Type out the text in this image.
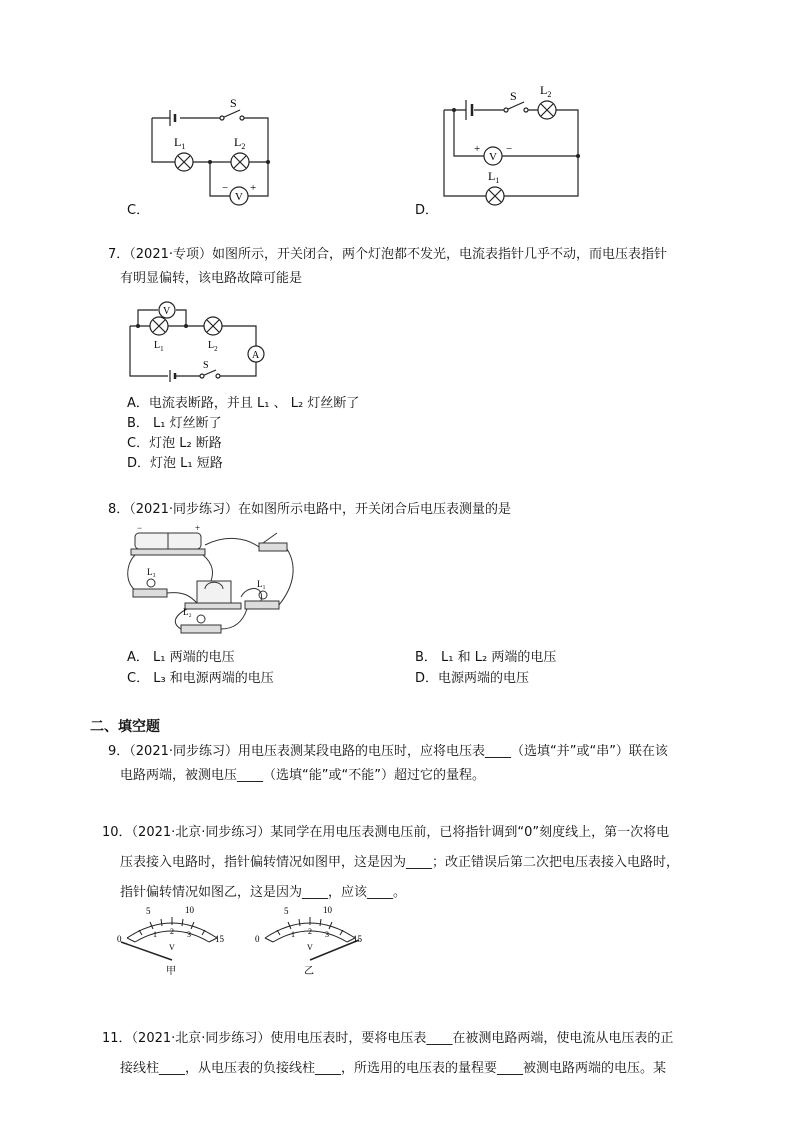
S
$L_1$	$L_2$
V
− +
C．
S $L_2$
$L_1$
V
+ −
D．
7．（2021·专项）如图所示，开关闭合，两个灯泡都不发光，电流表指针几乎不动，而电压表指针
有明显偏转，该电路故障可能是
V
A
S
$L_1$	$L_2$
A．电流表断路，并且 L₁ 、 L₂ 灯丝断了
B． L₁ 灯丝断了
C．灯泡 L₂ 断路
D．灯泡 L₁ 短路
8．（2021·同步练习）在如图所示电路中，开关闭合后电压表测量的是
L₃
L₂
L₁
−	+
A． L₁ 两端的电压	B． L₁ 和 L₂ 两端的电压
C． L₃ 和电源两端的电压	D．电源两端的电压
二、填空题
9．（2021·同步练习）用电压表测某段电路的电压时，应将电压表____（选填“并”或“串”）联在该
电路两端，被测电压____（选填“能”或“不能”）超过它的量程。
10．（2021·北京·同步练习）某同学在用电压表测电压前，已将指针调到“0”刻度线上，第一次将电
压表接入电路时，指针偏转情况如图甲，这是因为____；改正错误后第二次把电压表接入电路时，
指针偏转情况如图乙，这是因为____，应该____。
0
5	10
15
1 2 3
V
甲
0
5	10
15
1 2 3
V
乙
11．（2021·北京·同步练习）使用电压表时，要将电压表____在被测电路两端，使电流从电压表的正
接线柱____，从电压表的负接线柱____，所选用的电压表的量程要____被测电路两端的电压。某
